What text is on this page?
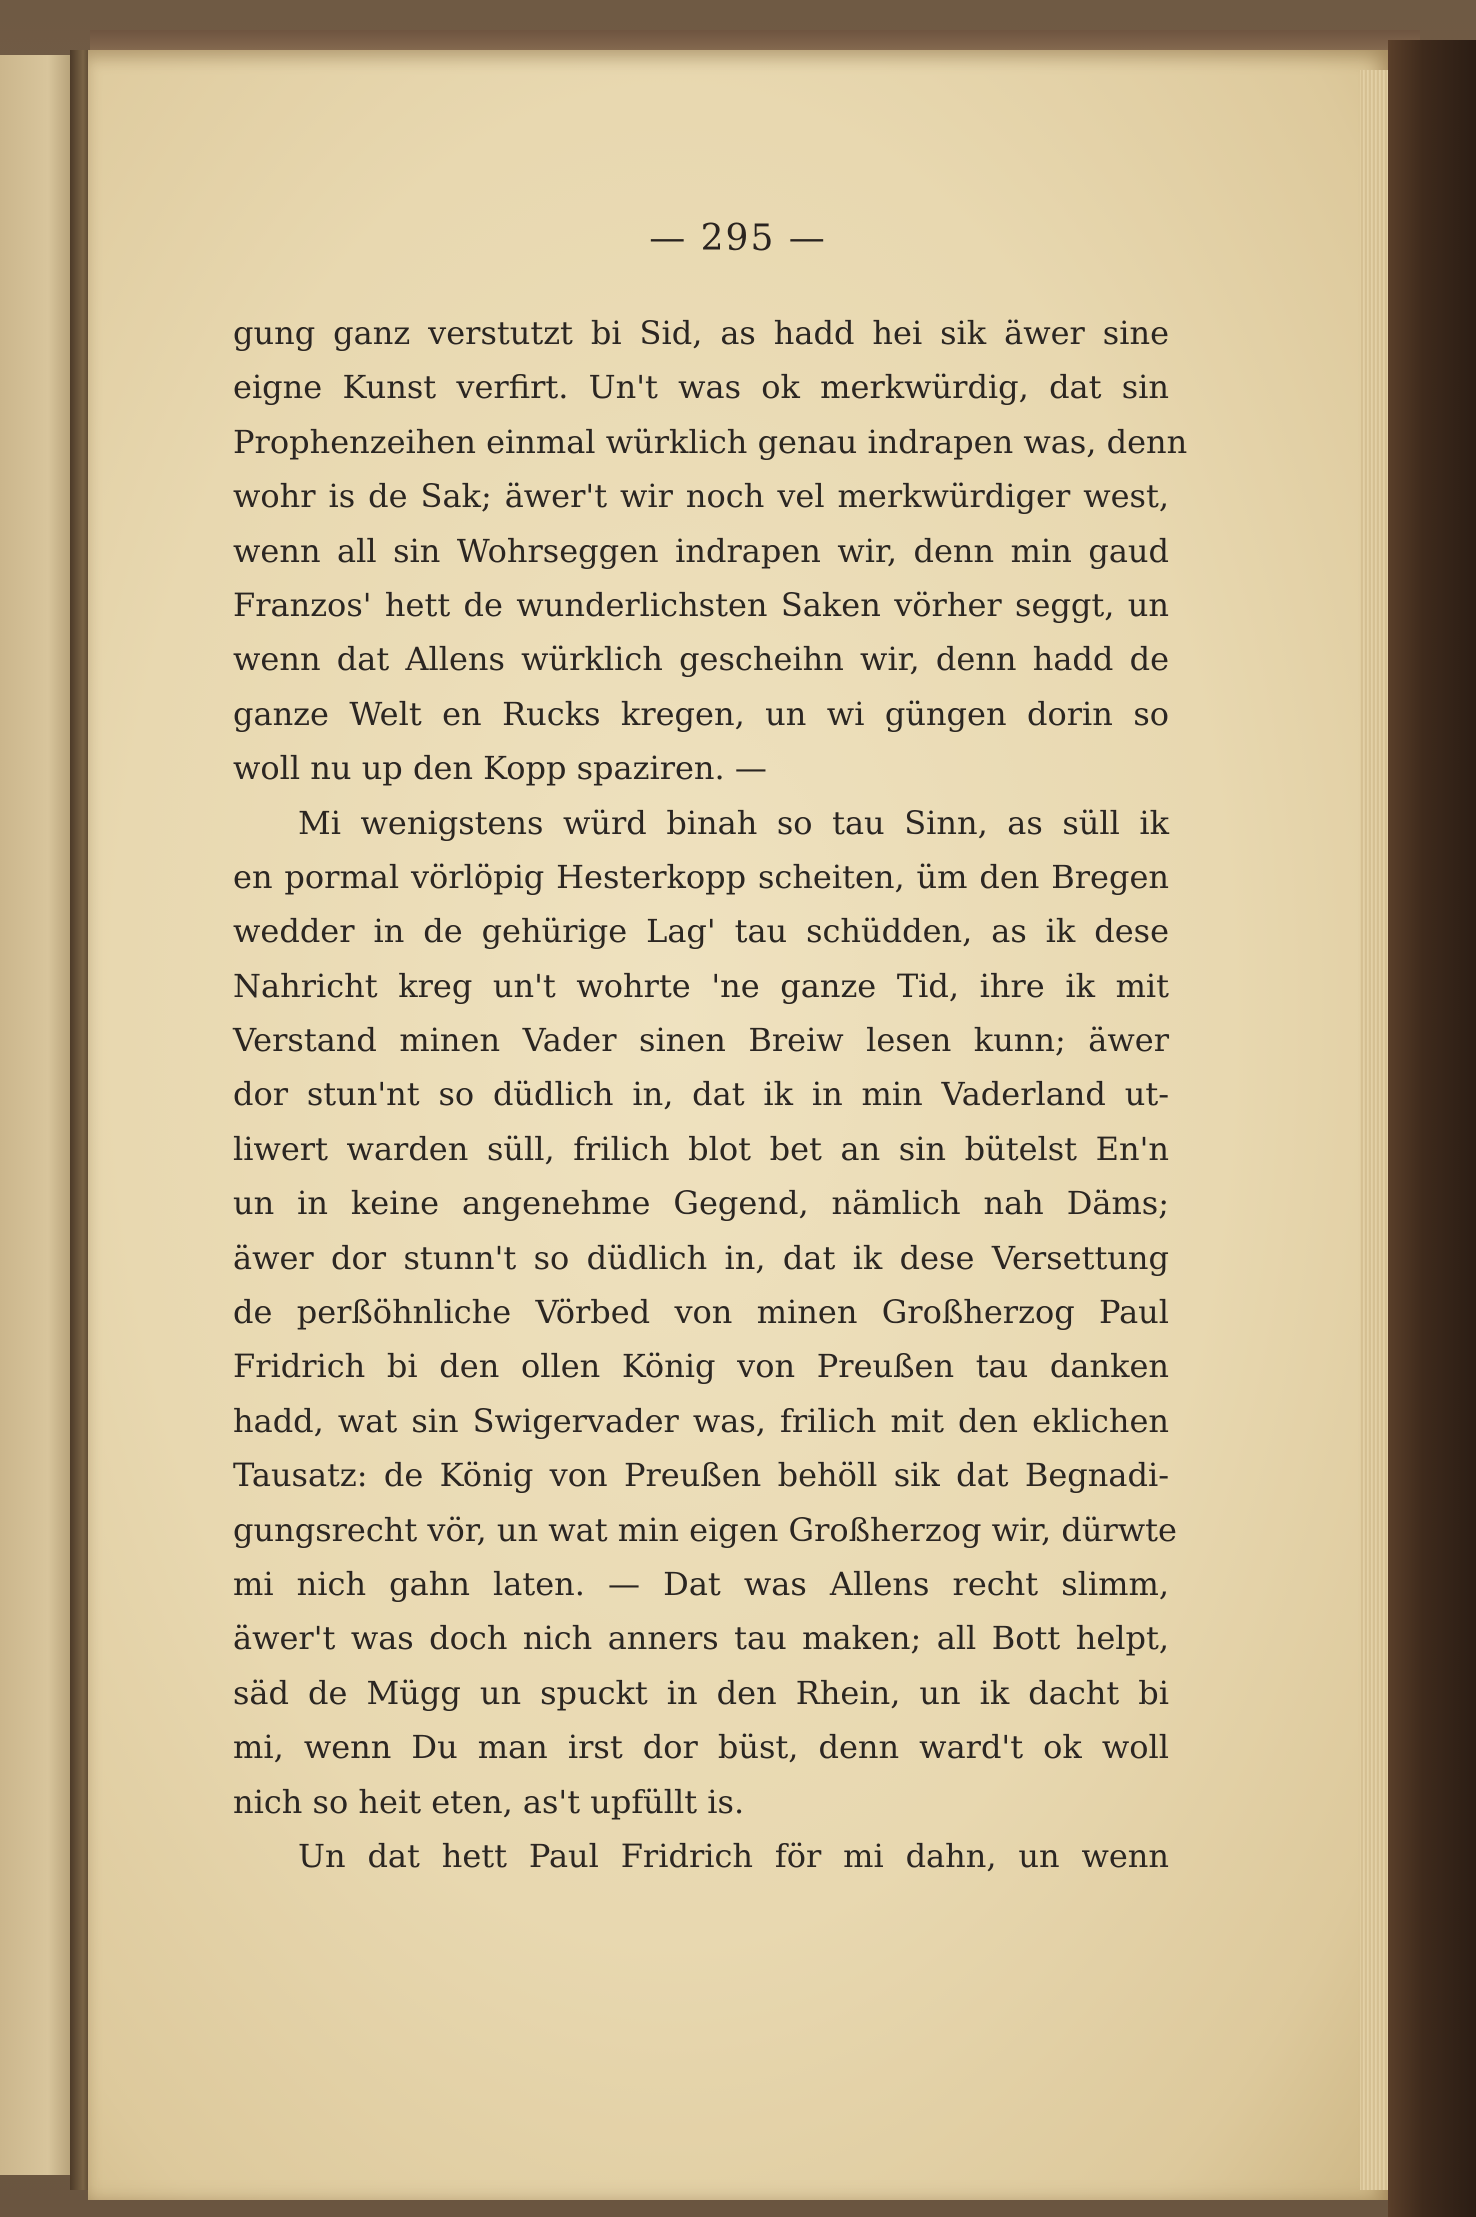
— 295 —
gung ganz verstutzt bi Sid, as hadd hei sik äwer sine
eigne Kunst verfirt. Un't was ok merkwürdig, dat sin
Prophenzeihen einmal würklich genau indrapen was, denn
wohr is de Sak; äwer't wir noch vel merkwürdiger west,
wenn all sin Wohrseggen indrapen wir, denn min gaud
Franzos' hett de wunderlichsten Saken vörher seggt, un
wenn dat Allens würklich gescheihn wir, denn hadd de
ganze Welt en Rucks kregen, un wi güngen dorin so
woll nu up den Kopp spaziren. —
Mi wenigstens würd binah so tau Sinn, as süll ik
en pormal vörlöpig Hesterkopp scheiten, üm den Bregen
wedder in de gehürige Lag' tau schüdden, as ik dese
Nahricht kreg un't wohrte 'ne ganze Tid, ihre ik mit
Verstand minen Vader sinen Breiw lesen kunn; äwer
dor stun'nt so düdlich in, dat ik in min Vaderland ut-
liwert warden süll, frilich blot bet an sin bütelst En'n
un in keine angenehme Gegend, nämlich nah Däms;
äwer dor stunn't so düdlich in, dat ik dese Versettung
de perßöhnliche Vörbed von minen Großherzog Paul
Fridrich bi den ollen König von Preußen tau danken
hadd, wat sin Swigervader was, frilich mit den eklichen
Tausatz: de König von Preußen behöll sik dat Begnadi-
gungsrecht vör, un wat min eigen Großherzog wir, dürwte
mi nich gahn laten. — Dat was Allens recht slimm,
äwer't was doch nich anners tau maken; all Bott helpt,
säd de Mügg un spuckt in den Rhein, un ik dacht bi
mi, wenn Du man irst dor büst, denn ward't ok woll
nich so heit eten, as't upfüllt is.
Un dat hett Paul Fridrich för mi dahn, un wenn
